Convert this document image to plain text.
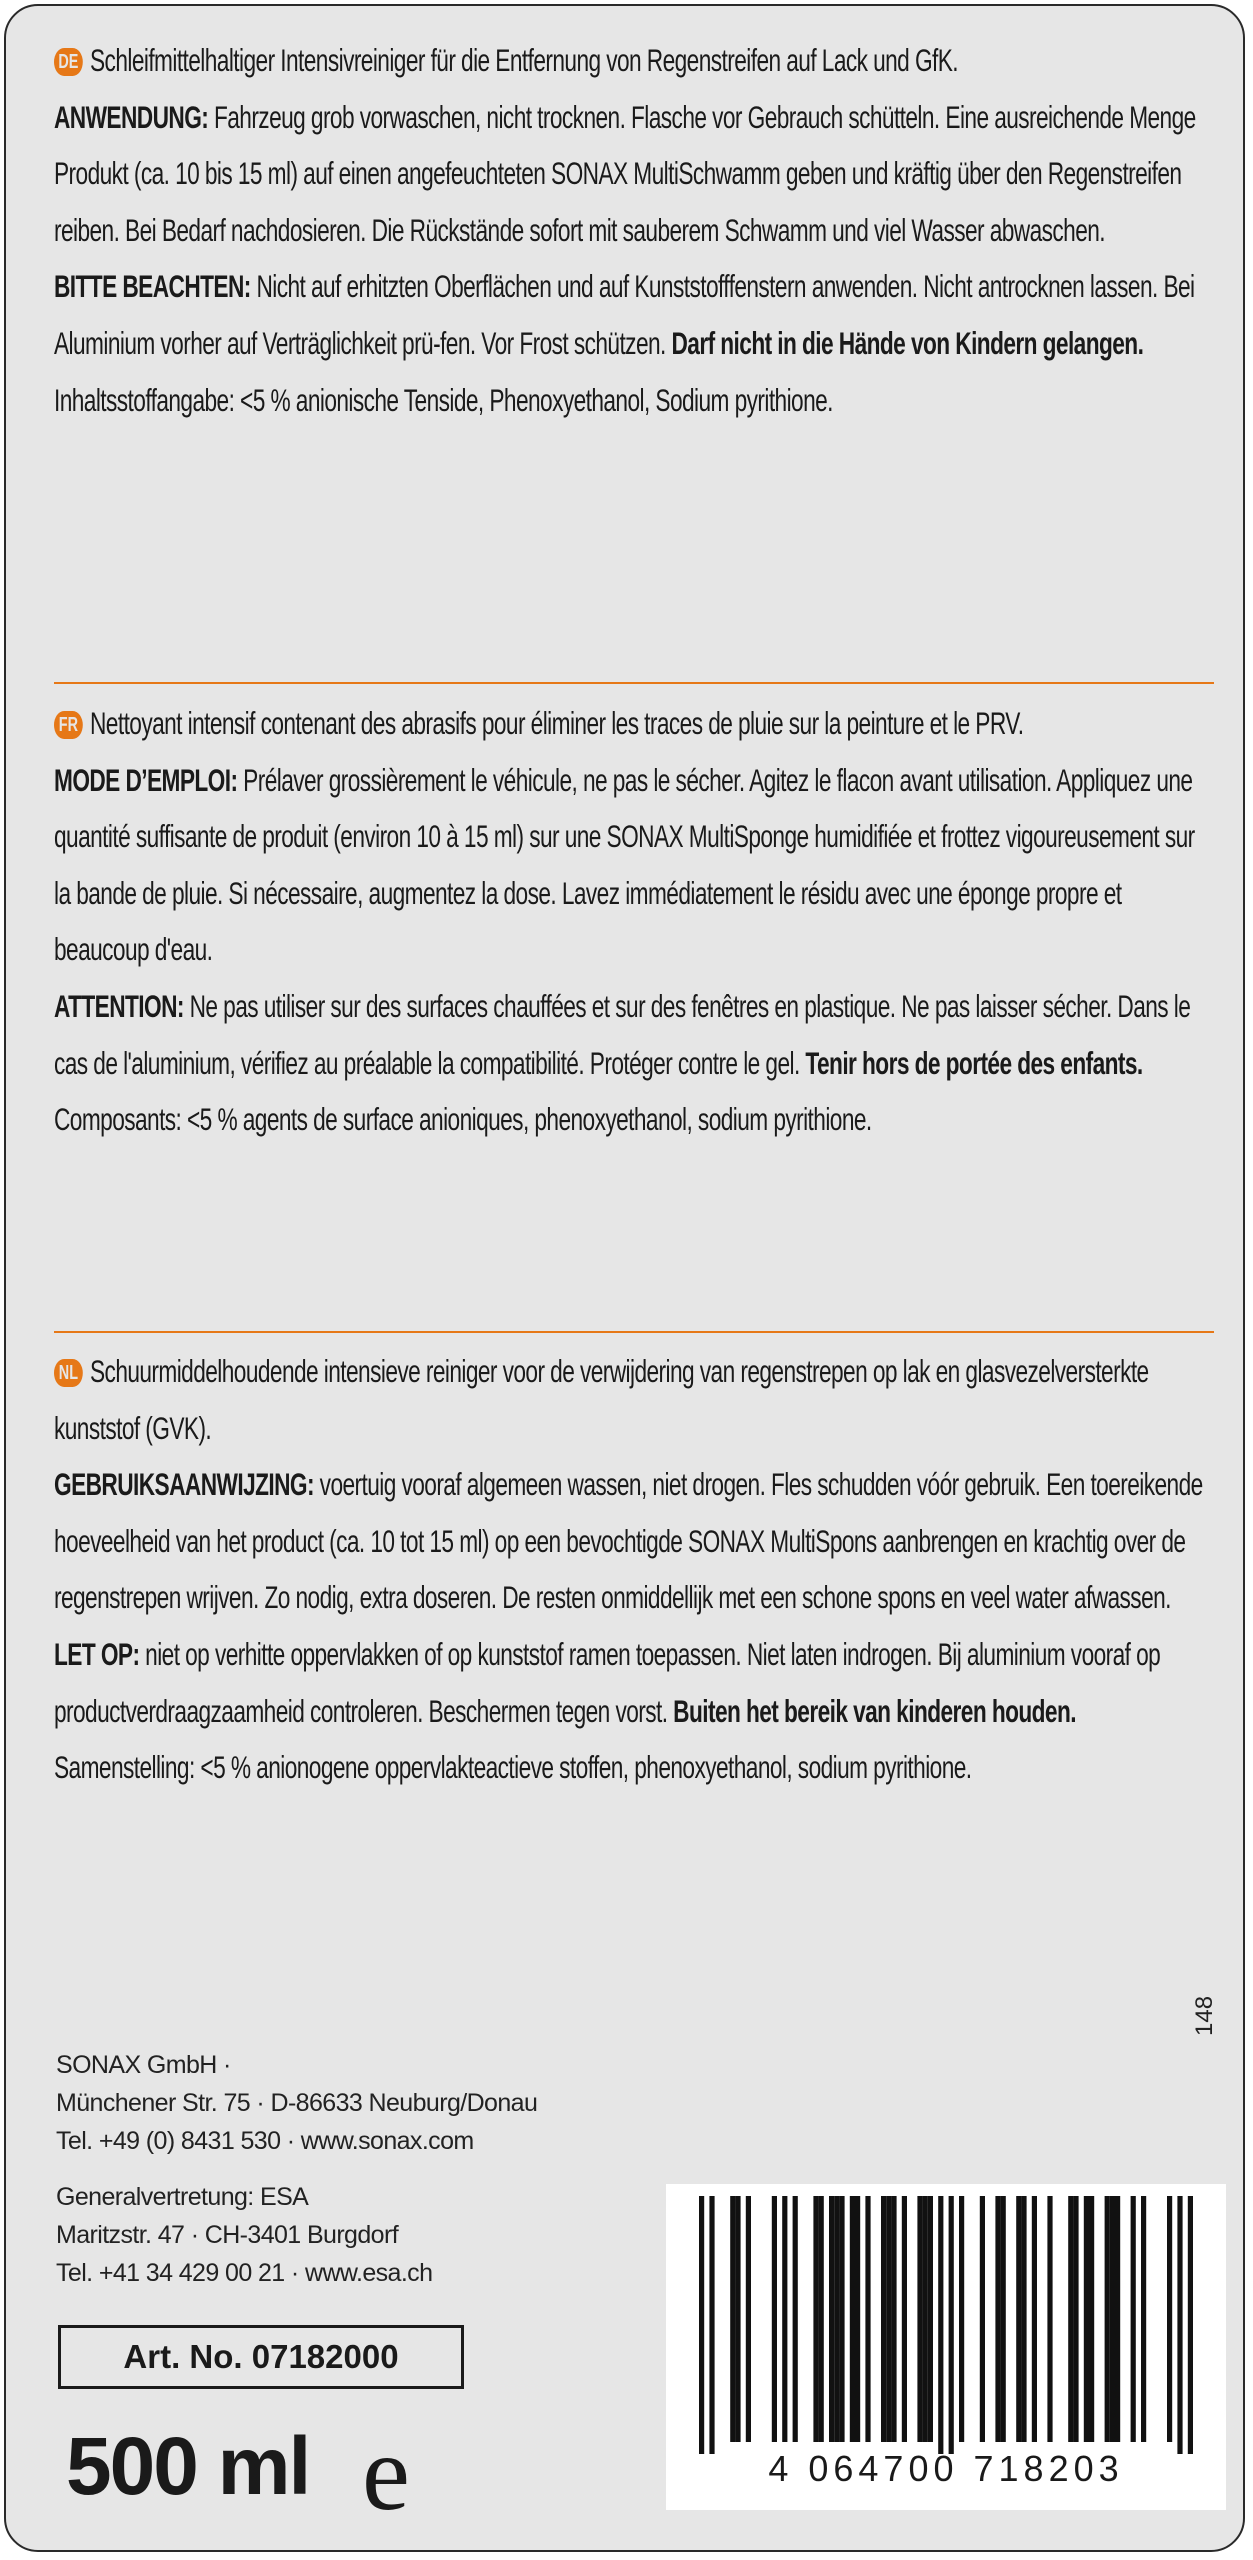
DE Schleifmittelhaltiger Intensivreiniger für die Entfernung von Regenstreifen auf Lack und GfK.

ANWENDUNG: Fahrzeug grob vorwaschen, nicht trocknen. Flasche vor Gebrauch schütteln. Eine ausreichende Menge Produkt (ca. 10 bis 15 ml) auf einen angefeuchteten SONAX MultiSchwamm geben und kräftig über den Regenstreifen reiben. Bei Bedarf nachdosieren. Die Rückstände sofort mit sauberem Schwamm und viel Wasser abwaschen.

BITTE BEACHTEN: Nicht auf erhitzten Oberflächen und auf Kunststofffenstern anwenden. Nicht antrocknen lassen. Bei Aluminium vorher auf Verträglichkeit prü-fen. Vor Frost schützen. Darf nicht in die Hände von Kindern gelangen.

Inhaltsstoffangabe: <5 % anionische Tenside, Phenoxyethanol, Sodium pyrithione.

FR Nettoyant intensif contenant des abrasifs pour éliminer les traces de pluie sur la peinture et le PRV.

MODE D’EMPLOI: Prélaver grossièrement le véhicule, ne pas le sécher. Agitez le flacon avant utilisation. Appliquez une quantité suffisante de produit (environ 10 à 15 ml) sur une SONAX MultiSponge humidifiée et frottez vigoureusement sur la bande de pluie. Si nécessaire, augmentez la dose. Lavez immédiatement le résidu avec une éponge propre et beaucoup d'eau.

ATTENTION: Ne pas utiliser sur des surfaces chauffées et sur des fenêtres en plastique. Ne pas laisser sécher. Dans le cas de l'aluminium, vérifiez au préalable la compatibilité. Protéger contre le gel. Tenir hors de portée des enfants.

Composants: <5 % agents de surface anioniques, phenoxyethanol, sodium pyrithione.

NL Schuurmiddelhoudende intensieve reiniger voor de verwijdering van regenstrepen op lak en glasvezelversterkte kunststof (GVK).

GEBRUIKSAANWIJZING: voertuig vooraf algemeen wassen, niet drogen. Fles schudden vóór gebruik. Een toereikende hoeveelheid van het product (ca. 10 tot 15 ml) op een bevochtigde SONAX MultiSpons aanbrengen en krachtig over de regenstrepen wrijven. Zo nodig, extra doseren. De resten onmiddellijk met een schone spons en veel water afwassen.

LET OP: niet op verhitte oppervlakken of op kunststof ramen toepassen. Niet laten indrogen. Bij aluminium vooraf op productverdraagzaamheid controleren. Beschermen tegen vorst. Buiten het bereik van kinderen houden.

Samenstelling: <5 % anionogene oppervlakteactieve stoffen, phenoxyethanol, sodium pyrithione.

SONAX GmbH ·
Münchener Str. 75 · D-86633 Neuburg/Donau
Tel. +49 (0) 8431 530 · www.sonax.com
Generalvertretung: ESA
Maritzstr. 47 · CH-3401 Burgdorf
Tel. +41 34 429 00 21 · www.esa.ch
148
Art. No. 07182000
500 ml e	4 064700 718203
